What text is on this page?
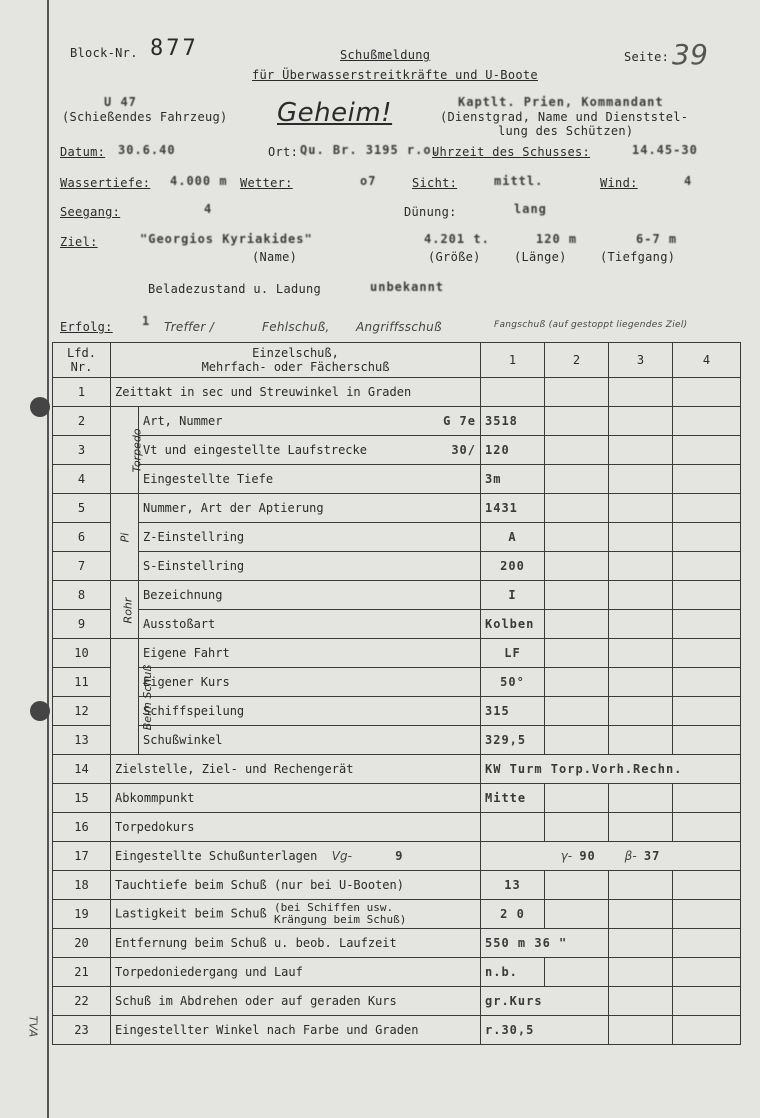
Block-Nr. 877	Schußmeldung
für Überwasserstreitkräfte und U-Boote
Seite: 39
U 47
(Schießendes Fahrzeug) Geheim!	Kaptlt. Prien, Kommandant
(Dienstgrad, Name und Dienststel-
lung des Schützen)
Datum: 30.6.40	Ort: Qu. Br. 3195 r.o.
Uhrzeit des Schusses:	14.45-30
Wassertiefe: 4.000 m Wetter:	o7	Sicht:	mittl.	Wind:	4
Seegang:	4	Dünung:	lang
Ziel:	"Georgios Kyriakides"	4.201 t.	120 m	6-7 m
(Name)	(Größe)	(Länge)	(Tiefgang)
Beladezustand u. Ladung	unbekannt
Erfolg: 1 Treffer /	Fehlschuß, Angriffsschuß	Fangschuß (auf gestoppt liegendes Ziel)
Lfd.
Nr.	Einzelschuß,
Mehrfach- oder Fächerschuß		1	2	3	4
1	Zeittakt in sec und Streuwinkel in Graden					
2	Torpedo	Art, Nummer G 7e	3518			
3		Vt und eingestellte Laufstrecke 30/	120			
4		Eingestellte Tiefe	3m			
5	Pi	Nummer, Art der Aptierung	1431			
6		Z-Einstellring	A			
7		S-Einstellring	200			
8	Rohr	Bezeichnung	I			
9		Ausstoßart	Kolben			
10	Beim Schuß	Eigene Fahrt	LF			
11		Eigener Kurs	50°			
12		Schiffspeilung	315			
13		Schußwinkel	329,5			
14	Zielstelle, Ziel- und Rechengerät		KW Turm Torp.Vorh.Rechn.			
15	Abkommpunkt		Mitte			
16	Torpedokurs					
17	Eingestellte Schußunterlagen Vg- 9		γ- 90 β- 37			
18	Tauchtiefe beim Schuß (nur bei U-Booten)		13			
19	Lastigkeit beim Schuß (bei Schiffen usw.
Krängung beim Schuß)		2 0			
20	Entfernung beim Schuß u. beob. Laufzeit		550 m 36 "			
21	Torpedoniedergang und Lauf		n.b.			
22	Schuß im Abdrehen oder auf geraden Kurs		gr.Kurs			
23	Eingestellter Winkel nach Farbe und Graden		r.30,5			
TVA
